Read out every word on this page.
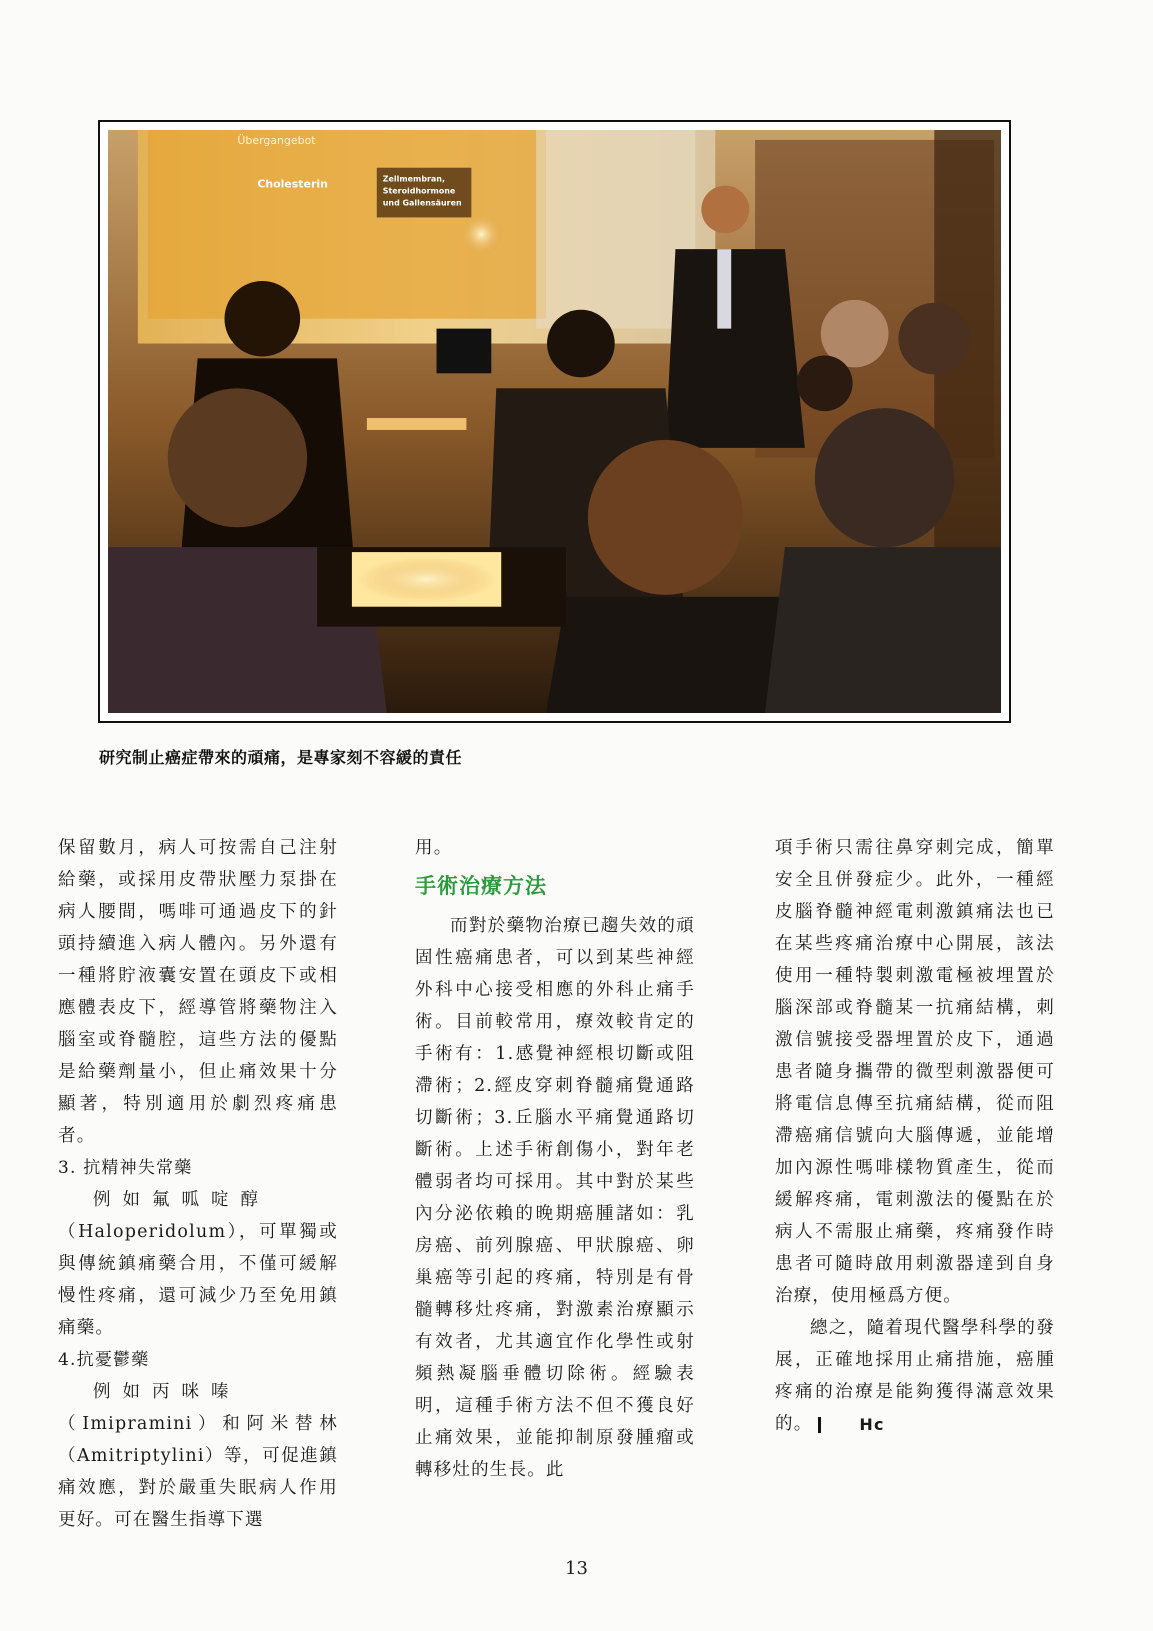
Übergangebot
Cholesterin	Zellmembran,
Steroidhormone
und Gallensäuren
研究制止癌症帶來的頑痛，是專家刻不容緩的責任

保留數月，病人可按需自己注射給藥，或採用皮帶狀壓力泵掛在病人腰間，嗎啡可通過皮下的針頭持續進入病人體內。另外還有一種將貯液囊安置在頭皮下或相應體表皮下，經導管將藥物注入腦室或脊髓腔，這些方法的優點是給藥劑量小，但止痛效果十分顯著，特別適用於劇烈疼痛患者。

3. 抗精神失常藥

例如氟呱啶醇

（Haloperidolum），可單獨或與傳統鎮痛藥合用，不僅可緩解慢性疼痛，還可減少乃至免用鎮痛藥。

4.抗憂鬱藥

例如丙咪嗪

（Imipramini）和阿米替林（Amitriptylini）等，可促進鎮痛效應，對於嚴重失眠病人作用更好。可在醫生指導下選

用。

手術治療方法

而對於藥物治療已趨失效的頑固性癌痛患者，可以到某些神經外科中心接受相應的外科止痛手術。目前較常用，療效較肯定的手術有：1.感覺神經根切斷或阻滯術；2.經皮穿刺脊髓痛覺通路切斷術；3.丘腦水平痛覺通路切斷術。上述手術創傷小，對年老體弱者均可採用。其中對於某些內分泌依賴的晚期癌腫諸如：乳房癌、前列腺癌、甲狀腺癌、卵巢癌等引起的疼痛，特別是有骨髓轉移灶疼痛，對激素治療顯示有效者，尤其適宜作化學性或射頻熱凝腦垂體切除術。經驗表明，這種手術方法不但不獲良好止痛效果，並能抑制原發腫瘤或轉移灶的生長。此

項手術只需往鼻穿刺完成，簡單安全且併發症少。此外，一種經皮腦脊髓神經電刺激鎮痛法也已在某些疼痛治療中心開展，該法使用一種特製刺激電極被埋置於腦深部或脊髓某一抗痛結構，刺激信號接受器埋置於皮下，通過患者隨身攜帶的微型刺激器便可將電信息傳至抗痛結構，從而阻滯癌痛信號向大腦傳遞，並能增加內源性嗎啡樣物質產生，從而緩解疼痛，電刺激法的優點在於病人不需服止痛藥，疼痛發作時患者可隨時啟用刺激器達到自身治療，使用極爲方便。

總之，隨着現代醫學科學的發展，正確地採用止痛措施，癌腫疼痛的治療是能夠獲得滿意效果的。	Hc

13
